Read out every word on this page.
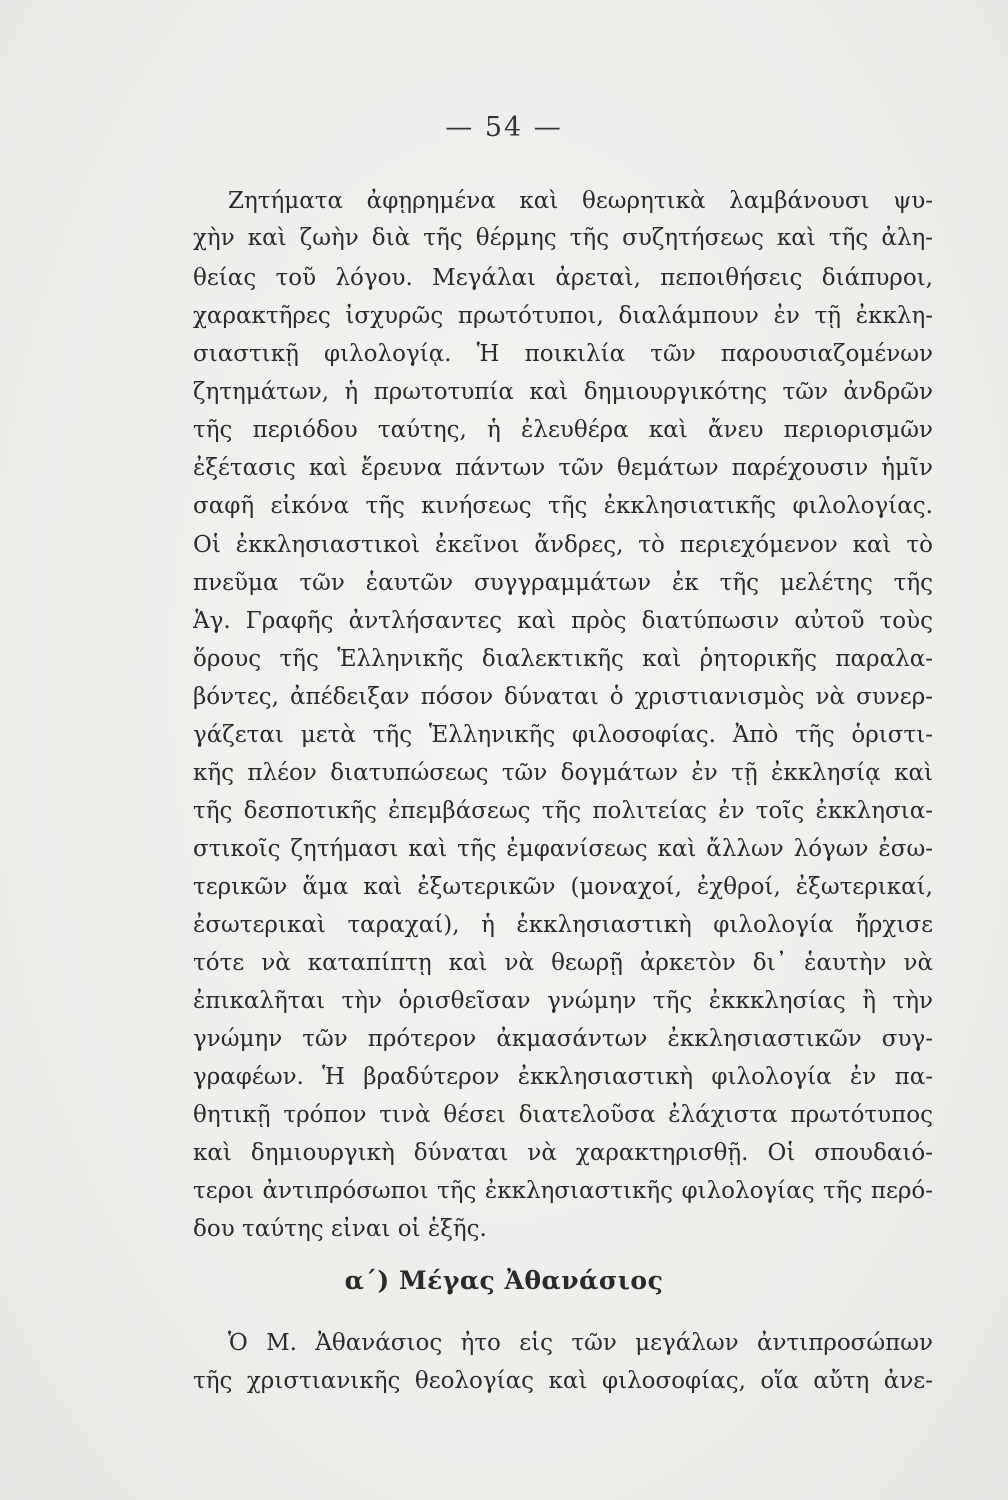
— 54 —
Ζητήματα ἀφῃρημένα καὶ θεωρητικὰ λαμβάνουσι ψυ-
χὴν καὶ ζωὴν διὰ τῆς θέρμης τῆς συζητήσεως καὶ τῆς ἀλη-
θείας τοῦ λόγου. Μεγάλαι ἀρεταὶ, πεποιθήσεις διάπυροι,
χαρακτῆρες ἰσχυρῶς πρωτότυποι, διαλάμπουν ἐν τῇ ἐκκλη-
σιαστικῇ φιλολογίᾳ. Ἡ ποικιλία τῶν παρουσιαζομένων
ζητημάτων, ἡ πρωτοτυπία καὶ δημιουργικότης τῶν ἀνδρῶν
τῆς περιόδου ταύτης, ἡ ἐλευθέρα καὶ ἄνευ περιορισμῶν
ἐξέτασις καὶ ἔρευνα πάντων τῶν θεμάτων παρέχουσιν ἡμῖν
σαφῆ εἰκόνα τῆς κινήσεως τῆς ἐκκλησιατικῆς φιλολογίας.
Οἱ ἐκκλησιαστικοὶ ἐκεῖνοι ἄνδρες, τὸ περιεχόμενον καὶ τὸ
πνεῦμα τῶν ἑαυτῶν συγγραμμάτων ἐκ τῆς μελέτης τῆς
Ἁγ. Γραφῆς ἀντλήσαντες καὶ πρὸς διατύπωσιν αὐτοῦ τοὺς
ὅρους τῆς Ἑλληνικῆς διαλεκτικῆς καὶ ῥητορικῆς παραλα-
βόντες, ἀπέδειξαν πόσον δύναται ὁ χριστιανισμὸς νὰ συνερ-
γάζεται μετὰ τῆς Ἑλληνικῆς φιλοσοφίας. Ἀπὸ τῆς ὁριστι-
κῆς πλέον διατυπώσεως τῶν δογμάτων ἐν τῇ ἐκκλησίᾳ καὶ
τῆς δεσποτικῆς ἐπεμβάσεως τῆς πολιτείας ἐν τοῖς ἐκκλησια-
στικοῖς ζητήμασι καὶ τῆς ἐμφανίσεως καὶ ἄλλων λόγων ἐσω-
τερικῶν ἅμα καὶ ἐξωτερικῶν (μοναχοί, ἐχθροί, ἐξωτερικαί,
ἐσωτερικαὶ ταραχαί), ἡ ἐκκλησιαστικὴ φιλολογία ἤρχισε
τότε νὰ καταπίπτῃ καὶ νὰ θεωρῇ ἀρκετὸν δι᾽ ἑαυτὴν νὰ
ἐπικαλῆται τὴν ὁρισθεῖσαν γνώμην τῆς ἐκκκλησίας ἢ τὴν
γνώμην τῶν πρότερον ἀκμασάντων ἐκκλησιαστικῶν συγ-
γραφέων. Ἡ βραδύτερον ἐκκλησιαστικὴ φιλολογία ἐν πα-
θητικῇ τρόπον τινὰ θέσει διατελοῦσα ἐλάχιστα πρωτότυπος
καὶ δημιουργικὴ δύναται νὰ χαρακτηρισθῇ. Οἱ σπουδαιό-
τεροι ἀντιπρόσωποι τῆς ἐκκλησιαστικῆς φιλολογίας τῆς περό-
δου ταύτης εἶναι οἱ ἑξῆς.
α΄) Μέγας Ἀθανάσιος
Ὁ Μ. Ἀθανάσιος ἦτο εἷς τῶν μεγάλων ἀντιπροσώπων
τῆς χριστιανικῆς θεολογίας καὶ φιλοσοφίας, οἵα αὔτη ἀνε-
